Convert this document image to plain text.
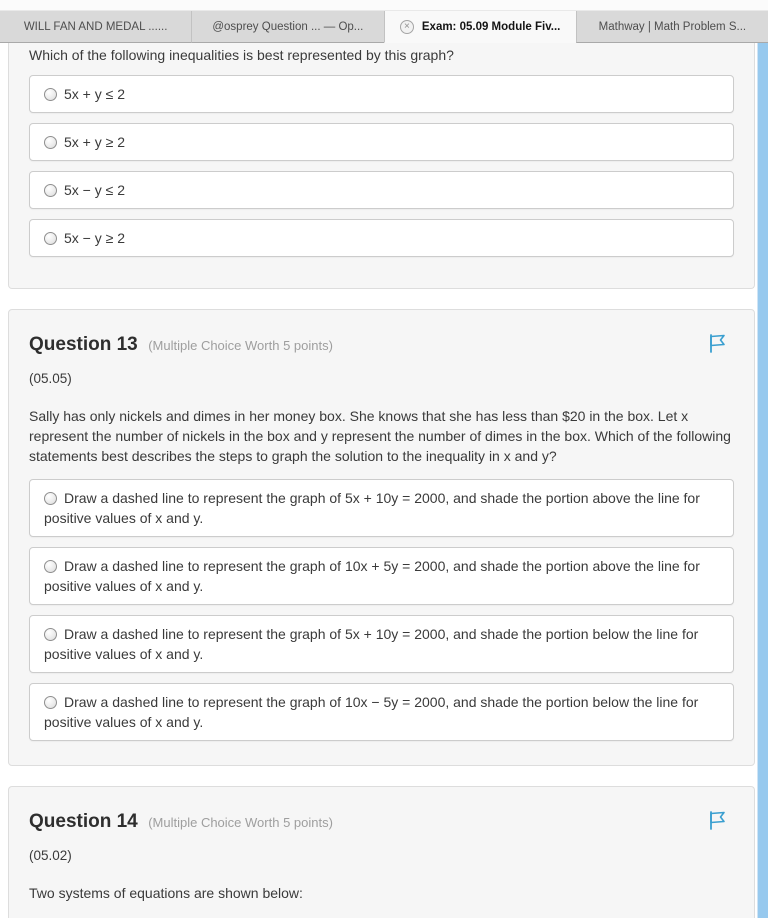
WILL FAN AND MEDAL ......	@osprey Question ... — Op...	×	Exam: 05.09 Module Fiv...	Mathway | Math Problem S...
Which of the following inequalities is best represented by this graph?
5x + y ≤ 2
5x + y ≥ 2
5x − y ≤ 2
5x − y ≥ 2
Question 13 (Multiple Choice Worth 5 points)
(05.05)

Sally has only nickels and dimes in her money box. She knows that she has less than $20 in the box. Let x represent the number of nickels in the box and y represent the number of dimes in the box. Which of the following statements best describes the steps to graph the solution to the inequality in x and y?

Draw a dashed line to represent the graph of 5x + 10y = 2000, and shade the portion above the line for positive values of x and y.
Draw a dashed line to represent the graph of 10x + 5y = 2000, and shade the portion above the line for positive values of x and y.
Draw a dashed line to represent the graph of 5x + 10y = 2000, and shade the portion below the line for positive values of x and y.
Draw a dashed line to represent the graph of 10x − 5y = 2000, and shade the portion below the line for positive values of x and y.
Question 14 (Multiple Choice Worth 5 points)
(05.02)

Two systems of equations are shown below:
